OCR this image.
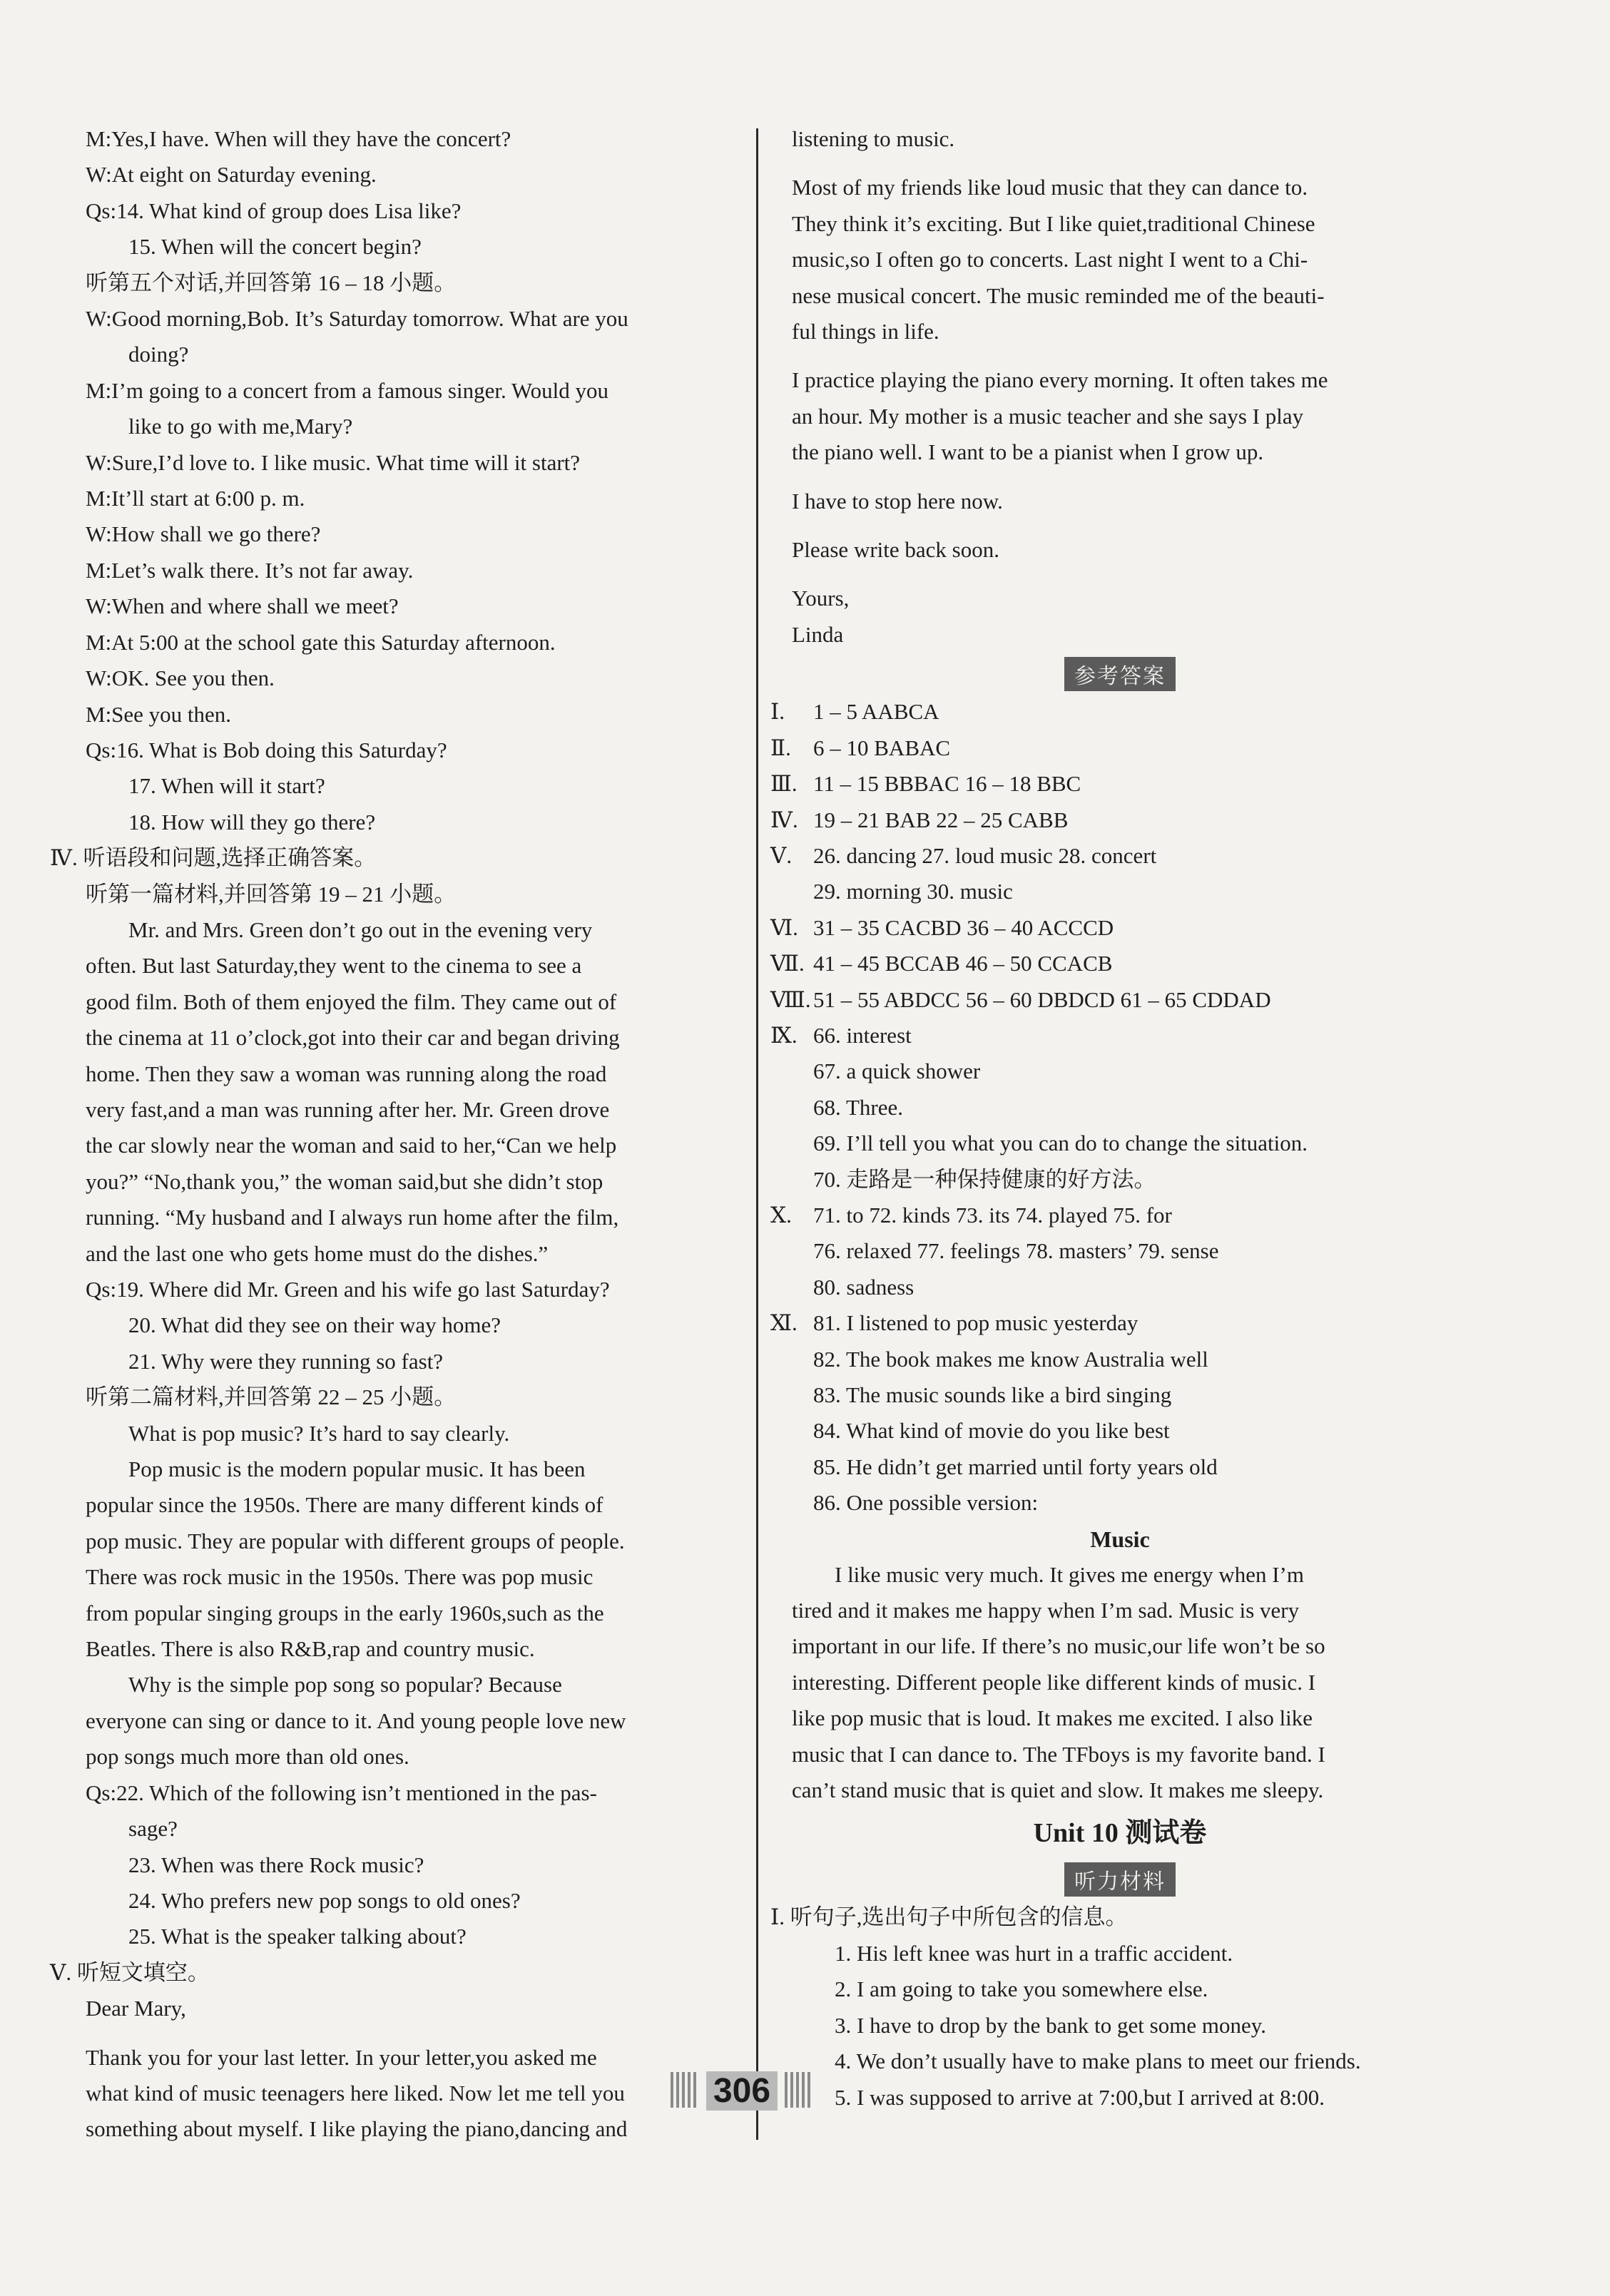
M:Yes,I have. When will they have the concert?
W:At eight on Saturday evening.
Qs:14. What kind of group does Lisa like?
15. When will the concert begin?
听第五个对话,并回答第 16 – 18 小题。
W:Good morning,Bob. It’s Saturday tomorrow. What are you
doing?
M:I’m going to a concert from a famous singer. Would you
like to go with me,Mary?
W:Sure,I’d love to. I like music. What time will it start?
M:It’ll start at 6:00 p. m.
W:How shall we go there?
M:Let’s walk there. It’s not far away.
W:When and where shall we meet?
M:At 5:00 at the school gate this Saturday afternoon.
W:OK. See you then.
M:See you then.
Qs:16. What is Bob doing this Saturday?
17. When will it start?
18. How will they go there?
Ⅳ. 听语段和问题,选择正确答案。
听第一篇材料,并回答第 19 – 21 小题。
Mr. and Mrs. Green don’t go out in the evening very
often. But last Saturday,they went to the cinema to see a
good film. Both of them enjoyed the film. They came out of
the cinema at 11 o’clock,got into their car and began driving
home. Then they saw a woman was running along the road
very fast,and a man was running after her. Mr. Green drove
the car slowly near the woman and said to her,“Can we help
you?” “No,thank you,” the woman said,but she didn’t stop
running. “My husband and I always run home after the film,
and the last one who gets home must do the dishes.”
Qs:19. Where did Mr. Green and his wife go last Saturday?
20. What did they see on their way home?
21. Why were they running so fast?
听第二篇材料,并回答第 22 – 25 小题。
What is pop music? It’s hard to say clearly.
Pop music is the modern popular music. It has been
popular since the 1950s. There are many different kinds of
pop music. They are popular with different groups of people.
There was rock music in the 1950s. There was pop music
from popular singing groups in the early 1960s,such as the
Beatles. There is also R&B,rap and country music.
Why is the simple pop song so popular? Because
everyone can sing or dance to it. And young people love new
pop songs much more than old ones.
Qs:22. Which of the following isn’t mentioned in the pas-
sage?
23. When was there Rock music?
24. Who prefers new pop songs to old ones?
25. What is the speaker talking about?
Ⅴ. 听短文填空。
Dear Mary,
Thank you for your last letter. In your letter,you asked me
what kind of music teenagers here liked. Now let me tell you
something about myself. I like playing the piano,dancing and
listening to music.
Most of my friends like loud music that they can dance to.
They think it’s exciting. But I like quiet,traditional Chinese
music,so I often go to concerts. Last night I went to a Chi-
nese musical concert. The music reminded me of the beauti-
ful things in life.
I practice playing the piano every morning. It often takes me
an hour. My mother is a music teacher and she says I play
the piano well. I want to be a pianist when I grow up.
I have to stop here now.
Please write back soon.
Yours,
Linda
参考答案
Ⅰ. 1 – 5 AABCA
Ⅱ. 6 – 10 BABAC
Ⅲ. 11 – 15 BBBAC 16 – 18 BBC
Ⅳ. 19 – 21 BAB 22 – 25 CABB
Ⅴ. 26. dancing 27. loud music 28. concert
29. morning 30. music
Ⅵ. 31 – 35 CACBD 36 – 40 ACCCD
Ⅶ. 41 – 45 BCCAB 46 – 50 CCACB
Ⅷ. 51 – 55 ABDCC 56 – 60 DBDCD 61 – 65 CDDAD
Ⅸ. 66. interest
67. a quick shower
68. Three.
69. I’ll tell you what you can do to change the situation.
70. 走路是一种保持健康的好方法。
Ⅹ. 71. to 72. kinds 73. its 74. played 75. for
76. relaxed 77. feelings 78. masters’ 79. sense
80. sadness
Ⅺ. 81. I listened to pop music yesterday
82. The book makes me know Australia well
83. The music sounds like a bird singing
84. What kind of movie do you like best
85. He didn’t get married until forty years old
86. One possible version:
Music
I like music very much. It gives me energy when I’m
tired and it makes me happy when I’m sad. Music is very
important in our life. If there’s no music,our life won’t be so
interesting. Different people like different kinds of music. I
like pop music that is loud. It makes me excited. I also like
music that I can dance to. The TFboys is my favorite band. I
can’t stand music that is quiet and slow. It makes me sleepy.
Unit 10 测试卷
听力材料
Ⅰ. 听句子,选出句子中所包含的信息。
1. His left knee was hurt in a traffic accident.
2. I am going to take you somewhere else.
3. I have to drop by the bank to get some money.
4. We don’t usually have to make plans to meet our friends.
5. I was supposed to arrive at 7:00,but I arrived at 8:00.
306
